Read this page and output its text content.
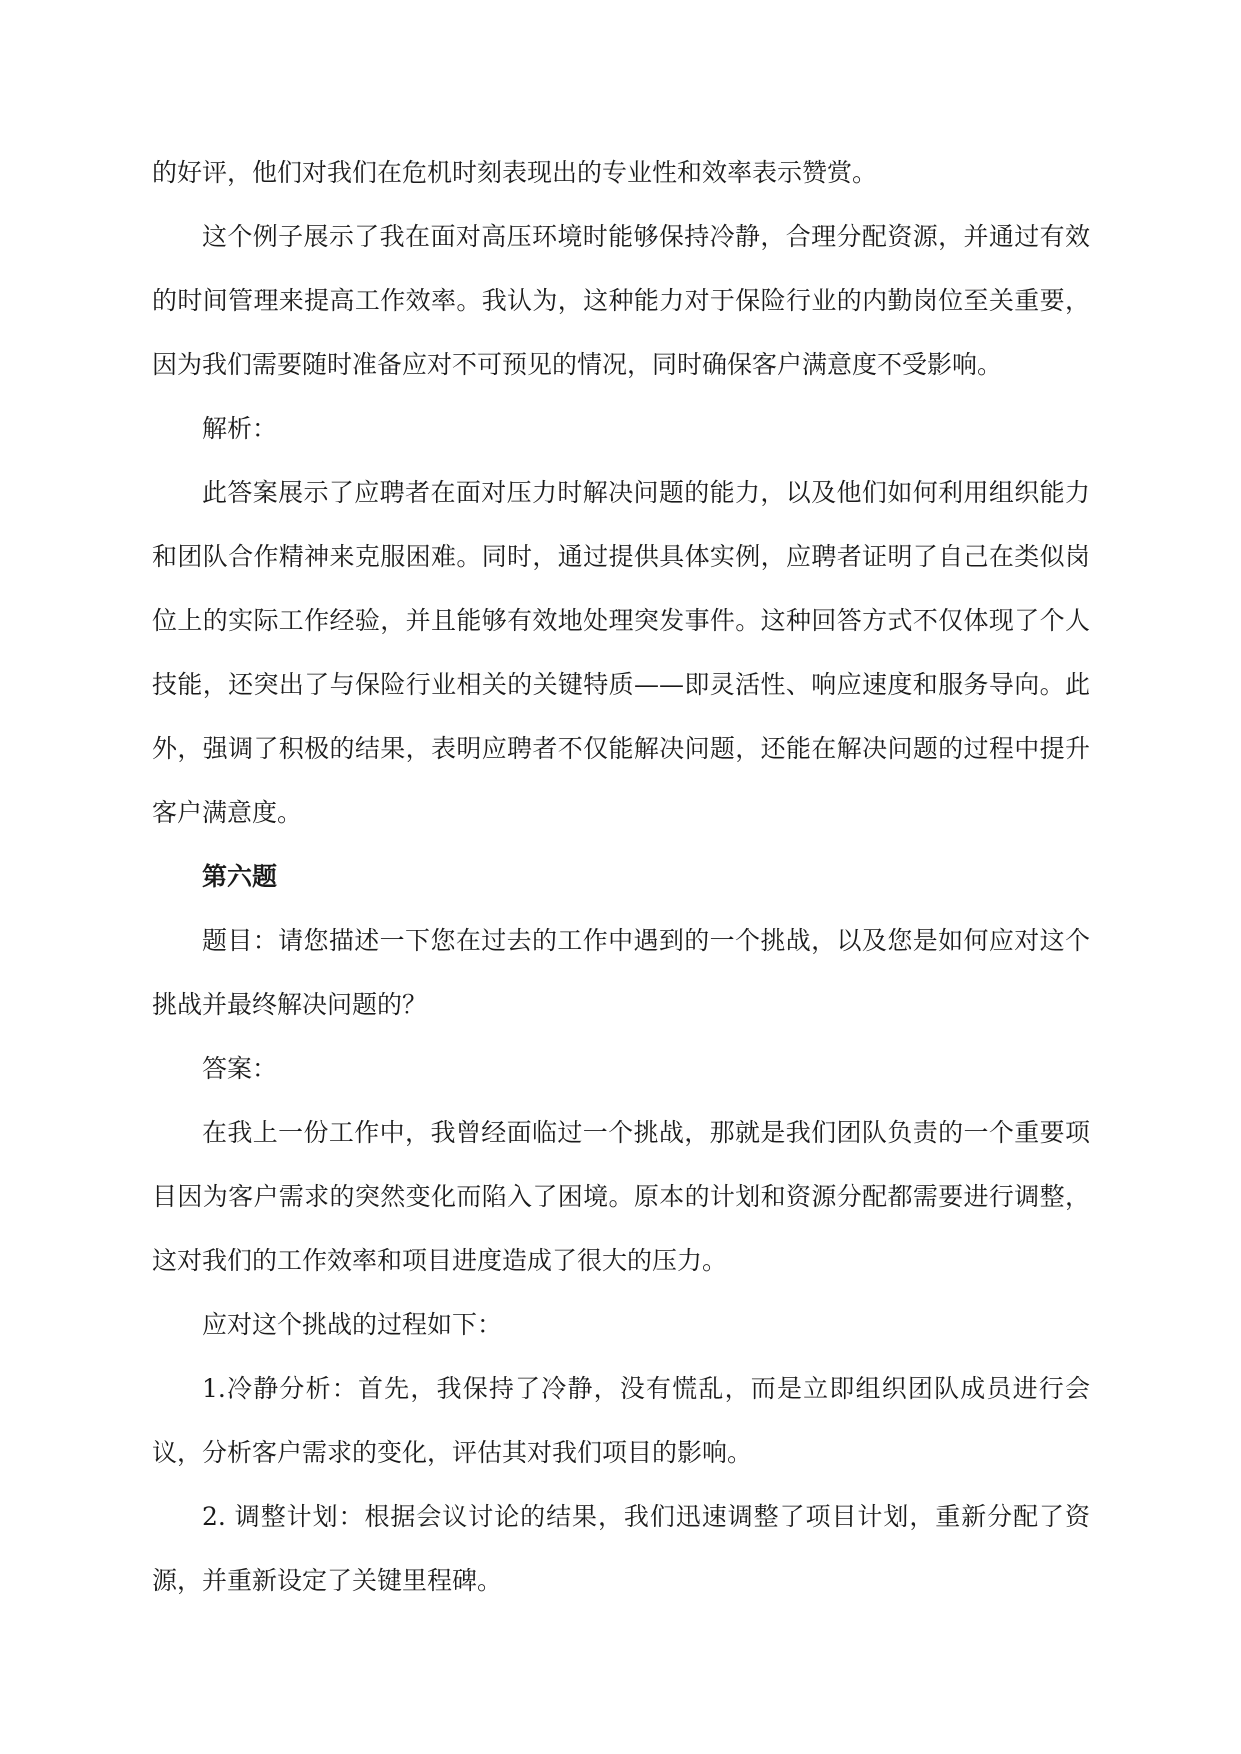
的好评，他们对我们在危机时刻表现出的专业性和效率表示赞赏。

这个例子展示了我在面对高压环境时能够保持冷静，合理分配资源，并通过有效的时间管理来提高工作效率。我认为，这种能力对于保险行业的内勤岗位至关重要，因为我们需要随时准备应对不可预见的情况，同时确保客户满意度不受影响。

解析：

此答案展示了应聘者在面对压力时解决问题的能力，以及他们如何利用组织能力和团队合作精神来克服困难。同时，通过提供具体实例，应聘者证明了自己在类似岗位上的实际工作经验，并且能够有效地处理突发事件。这种回答方式不仅体现了个人技能，还突出了与保险行业相关的关键特质——即灵活性、响应速度和服务导向。此外，强调了积极的结果，表明应聘者不仅能解决问题，还能在解决问题的过程中提升客户满意度。

第六题

题目：请您描述一下您在过去的工作中遇到的一个挑战，以及您是如何应对这个挑战并最终解决问题的？

答案：

在我上一份工作中，我曾经面临过一个挑战，那就是我们团队负责的一个重要项目因为客户需求的突然变化而陷入了困境。原本的计划和资源分配都需要进行调整，这对我们的工作效率和项目进度造成了很大的压力。

应对这个挑战的过程如下：

1.冷静分析：首先，我保持了冷静，没有慌乱，而是立即组织团队成员进行会议，分析客户需求的变化，评估其对我们项目的影响。

2. 调整计划：根据会议讨论的结果，我们迅速调整了项目计划，重新分配了资源，并重新设定了关键里程碑。
